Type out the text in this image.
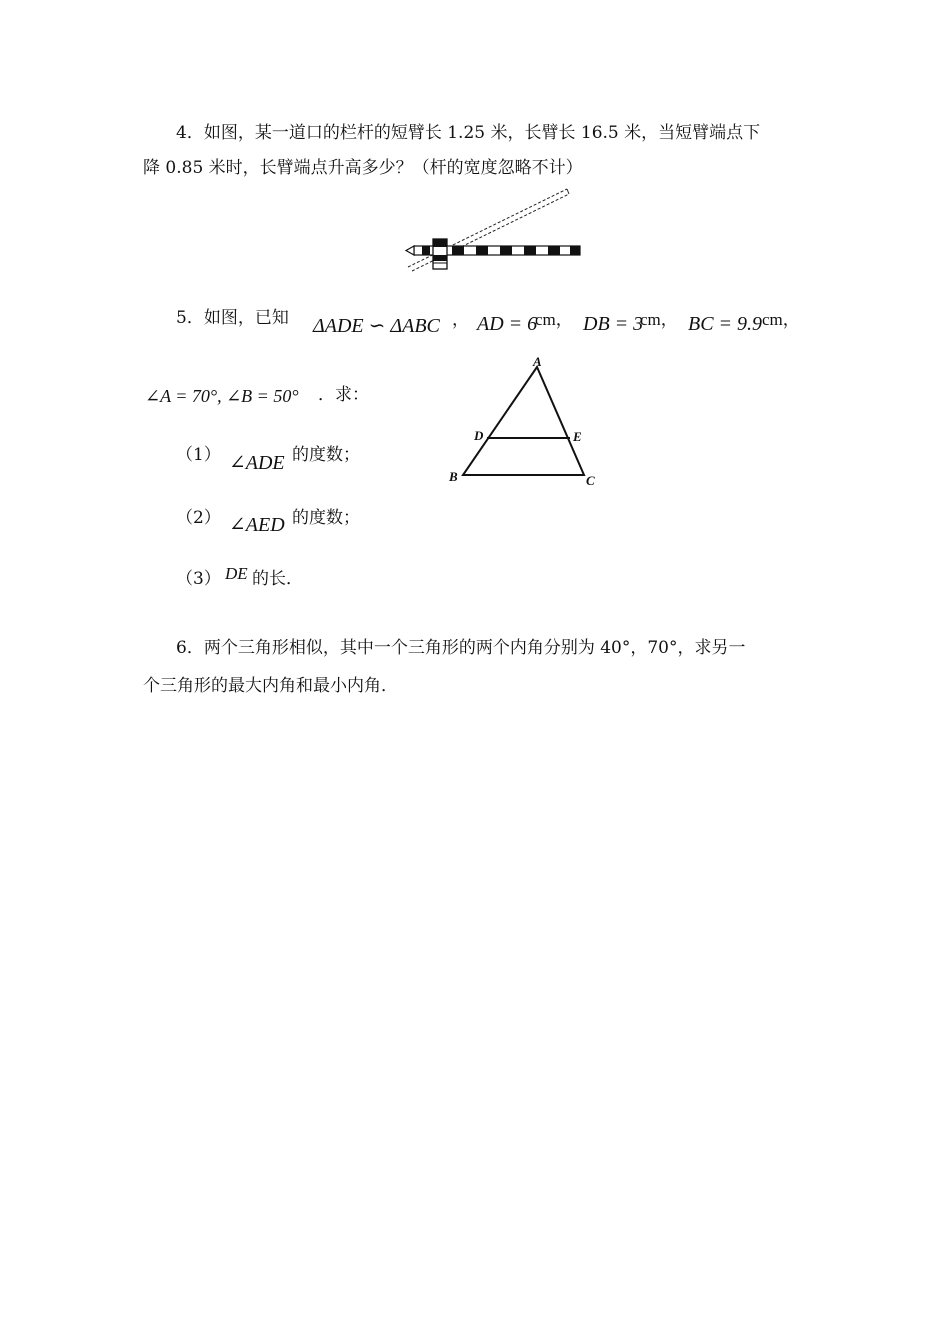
4．如图，某一道口的栏杆的短臂长 1.25 米，长臂长 16.5 米，当短臂端点下
降 0.85 米时，长臂端点升高多少？（杆的宽度忽略不计）
5．如图，已知 ΔADE ∽ ΔABC ， AD = 6
cm， DB = 3
cm， BC = 9.9 cm，
∠A = 70°, ∠B = 50° ．求：
（1） ∠ADE 的度数；
（2） ∠AED 的度数；
（3） DE 的长．
A
D	E
B	C
6．两个三角形相似，其中一个三角形的两个内角分别为 40°，70°，求另一
个三角形的最大内角和最小内角．
